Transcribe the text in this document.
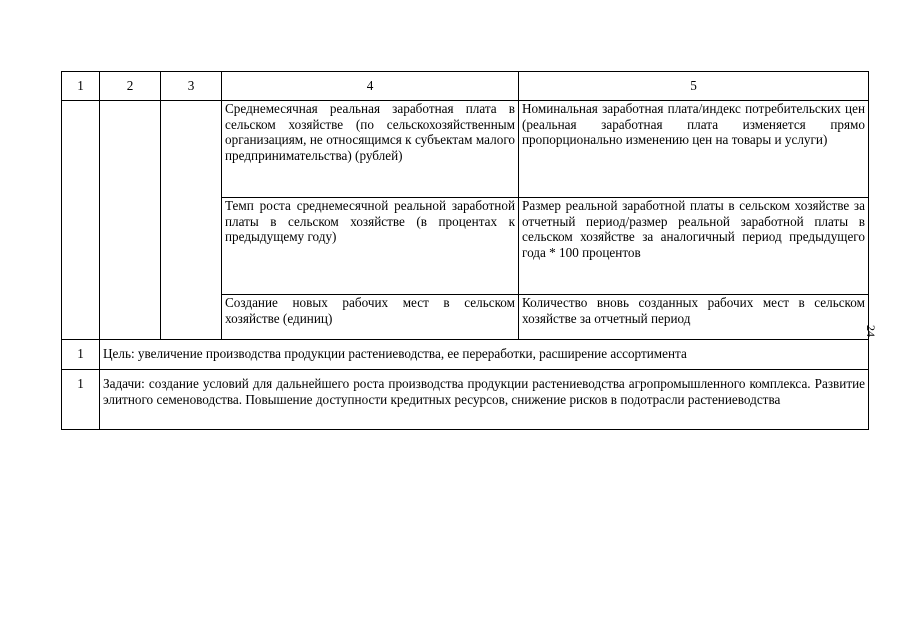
1	2	3	4	5
			Среднемесячная реальная заработная плата в сельском хозяйстве (по сельскохозяйственным организациям, не относящимся к субъектам малого предпринимательства) (рублей)	Номинальная заработная плата/индекс потребительских цен (реальная заработная плата изменяется прямо пропорционально изменению цен на товары и услуги)
			Темп роста среднемесячной реальной заработной платы в сельском хозяйстве (в процентах к предыдущему году)	Размер реальной заработной платы в сельском хозяйстве за отчетный период/размер реальной заработной платы в сельском хозяйстве за аналогичный период предыдущего года * 100 процентов
			Создание новых рабочих мест в сельском хозяйстве (единиц)	Количество вновь созданных рабочих мест в сельском хозяйстве за отчетный период
1	Цель: увеличение производства продукции растениеводства, ее переработки, расширение ассортимента			
1	Задачи: создание условий для дальнейшего роста производства продукции растениеводства агропромышленного комплекса. Развитие элитного семеноводства. Повышение доступности кредитных ресурсов, снижение рисков в подотрасли растениеводства			
24
